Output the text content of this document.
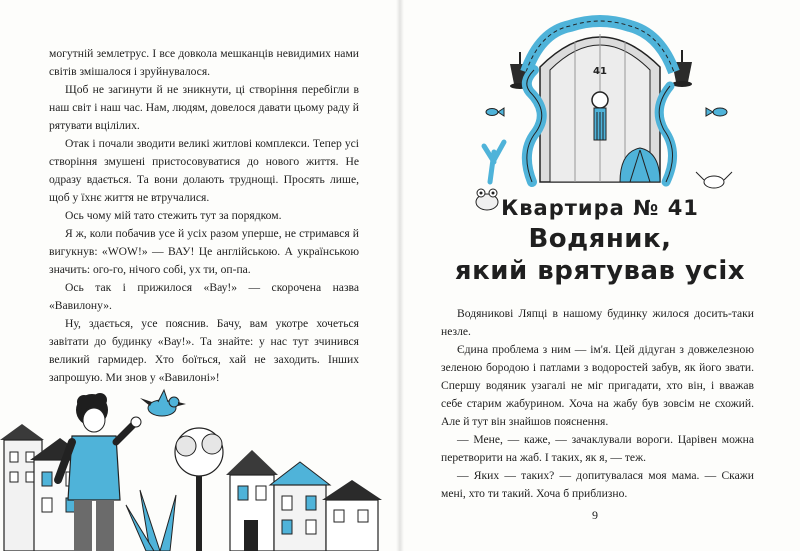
могутній землетрус. І все довкола мешканців невидимих нами світів змішалося і зруйнувалося.

Щоб не загинути й не зникнути, ці створіння перебігли в наш світ і наш час. Нам, людям, довелося давати цьому раду й рятувати вцілілих.

Отак і почали зводити великі житлові комплекси. Тепер усі створіння змушені пристосовуватися до нового життя. Не одразу вдається. Та вони долають труднощі. Просять лише, щоб у їхнє життя не втручалися.

Ось чому мій тато стежить тут за порядком.

Я ж, коли побачив усе й усіх разом уперше, не стримався й вигукнув: «WOW!» — ВАУ! Це англійською. А українською значить: ого-го, нічого собі, ух ти, оп-па.

Ось так і прижилося «Вау!» — скорочена назва «Вавилону».

Ну, здається, усе пояснив. Бачу, вам укотре хочеться завітати до будинку «Вау!». Та знайте: у нас тут зчинився великий гармидер. Хто боїться, хай не заходить. Інших запрошую. Ми знов у «Вавилоні»!

41
Квартира № 41
Водяник,
який врятував усіх

Водяникові Ляпці в нашому будинку жилося досить-таки незле.

Єдина проблема з ним — ім'я. Цей дідуган з довжелезною зеленою бородою і патлами з водоростей забув, як його звати. Спершу водяник узагалі не міг пригадати, хто він, і вважав себе старим жабурином. Хоча на жабу був зовсім не схожий. Але й тут він знайшов пояснення.

— Мене, — каже, — зачаклували вороги. Царівен можна перетворити на жаб. І таких, як я, — теж.

— Яких — таких? — допитувалася моя мама. — Скажи мені, хто ти такий. Хоча б приблизно.

9
